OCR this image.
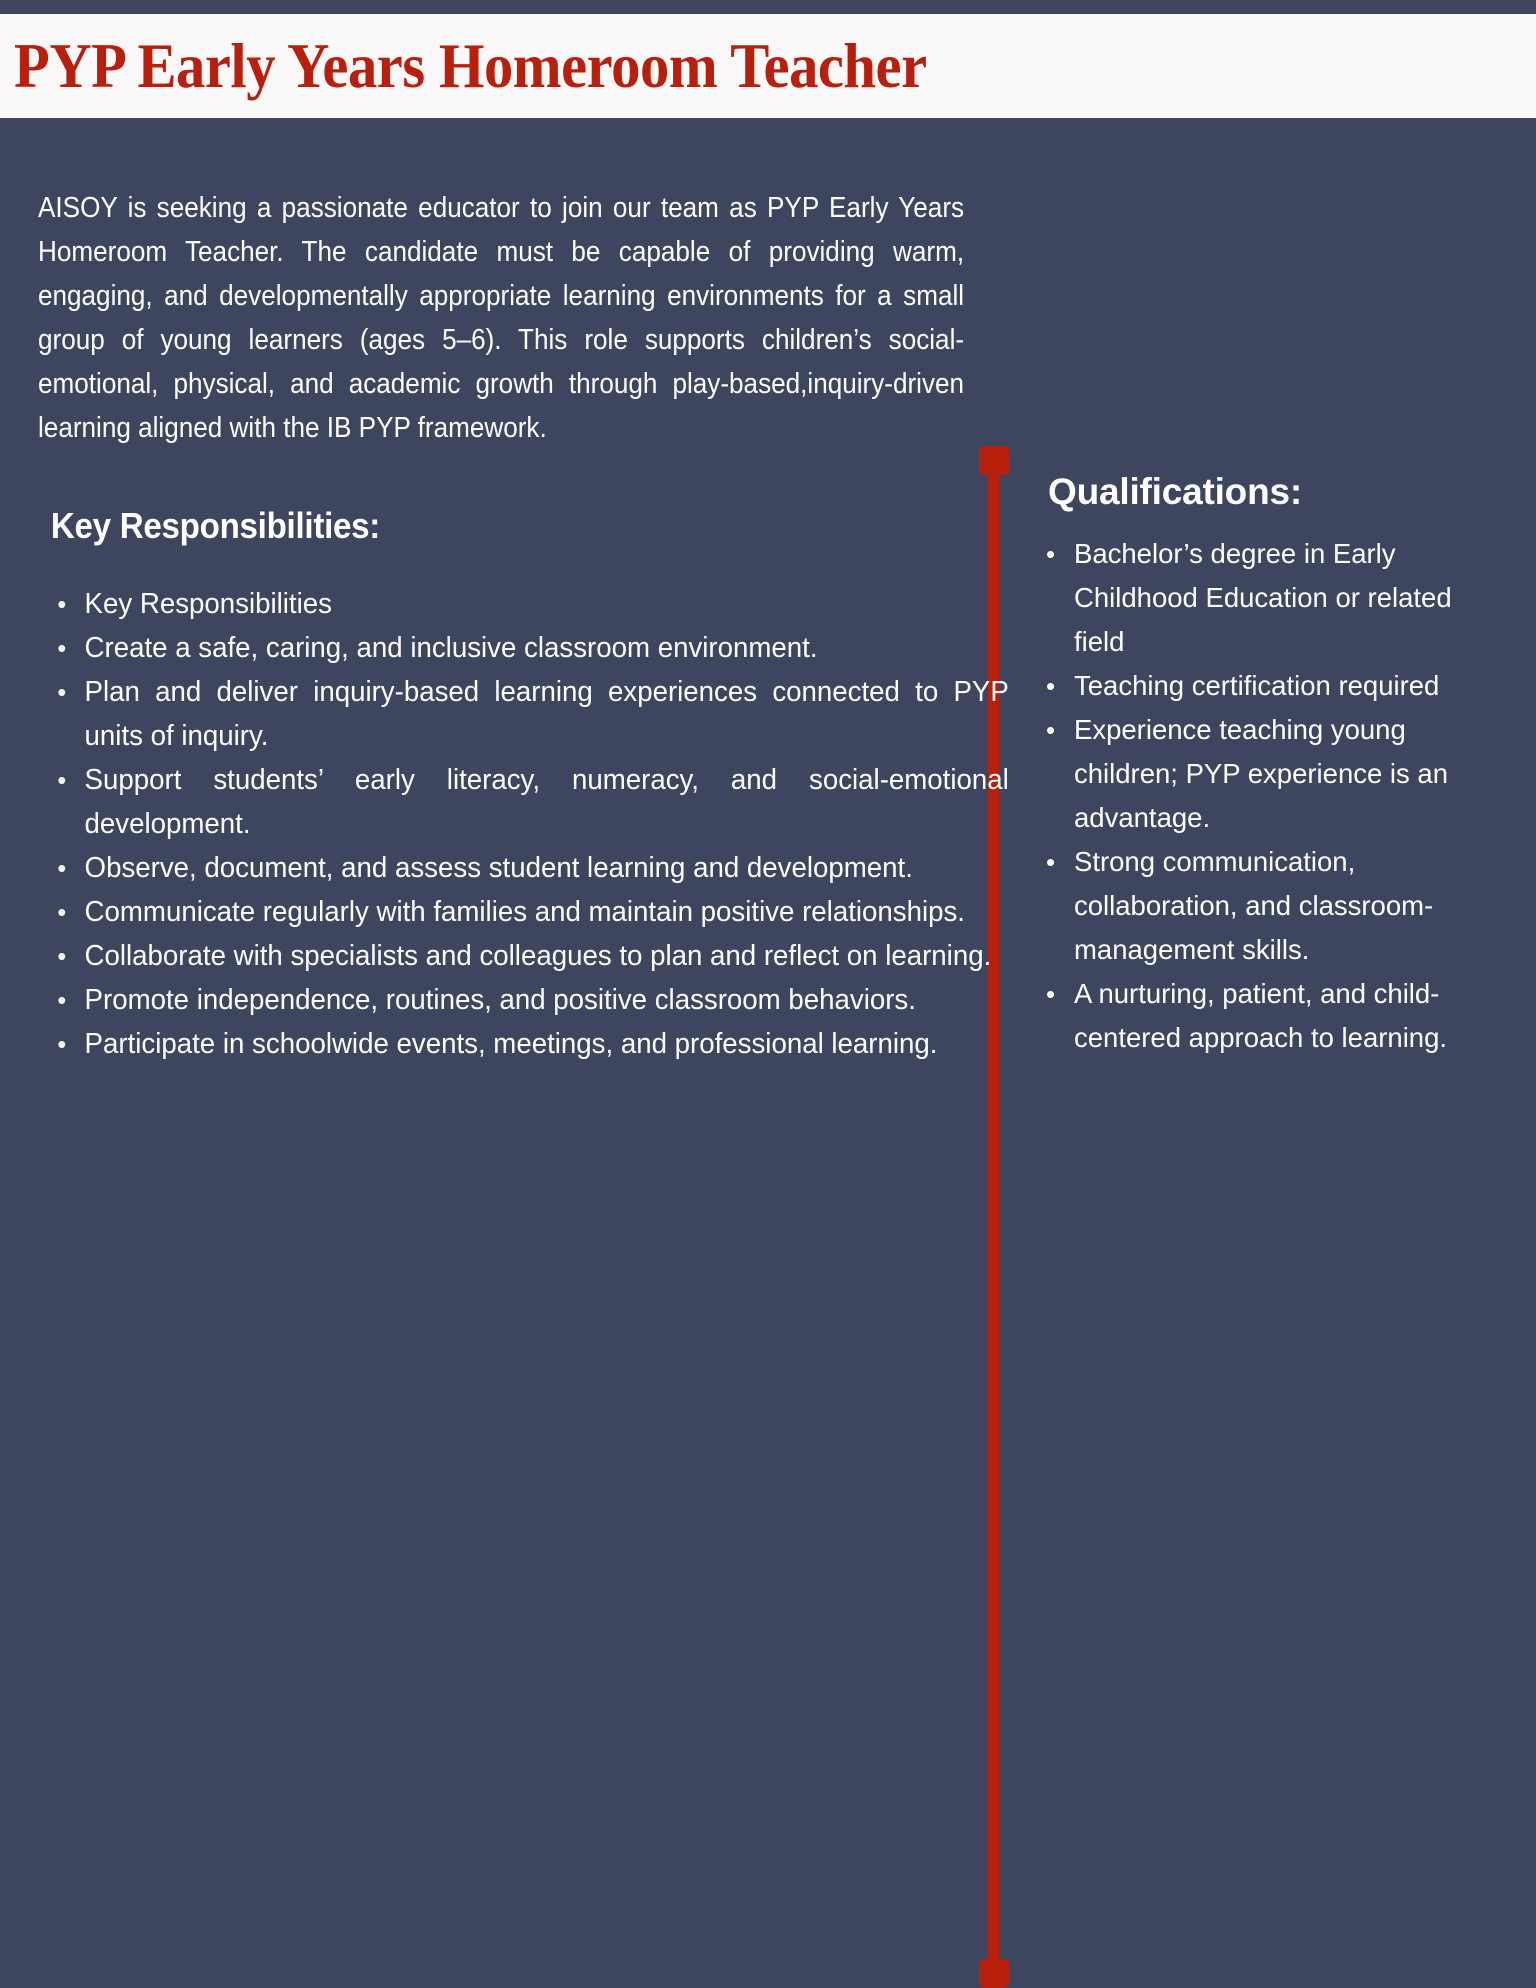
PYP Early Years Homeroom Teacher

AISOY is seeking a passionate educator to join our team as PYP Early Years Homeroom Teacher. The candidate must be capable of providing warm, engaging, and developmentally appropriate learning environments for a small group of young learners (ages 5–6). This role supports children’s social-emotional, physical, and academic growth through play-based,inquiry-driven learning aligned with the IB PYP framework.

Key Responsibilities:
• Key Responsibilities
• Create a safe, caring, and inclusive classroom environment.
• Plan and deliver inquiry-based learning experiences connected to PYP units of inquiry.
• Support students’ early literacy, numeracy, and social-emotional development.
• Observe, document, and assess student learning and development.
• Communicate regularly with families and maintain positive relationships.
• Collaborate with specialists and colleagues to plan and reflect on learning.
• Promote independence, routines, and positive classroom behaviors.
• Participate in schoolwide events, meetings, and professional learning.
Qualifications:
• Bachelor’s degree in Early Childhood Education or related field
• Teaching certification required
• Experience teaching young children; PYP experience is an advantage.
• Strong communication, collaboration, and classroom-management skills.
• A nurturing, patient, and child-centered approach to learning.
